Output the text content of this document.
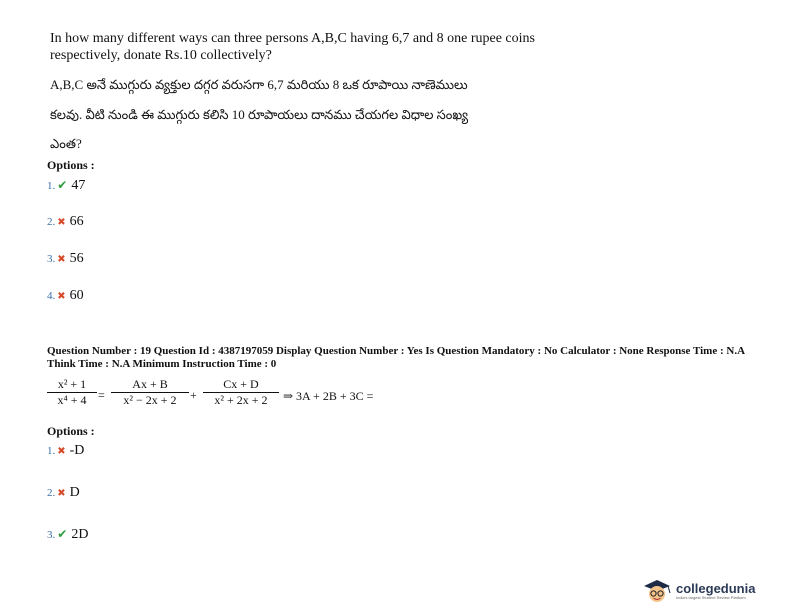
In how many different ways can three persons A,B,C having 6,7 and 8 one rupee coins respectively, donate Rs.10 collectively?
A,B,C అనే ముగ్గురు వ్యక్తుల దగ్గర వరుసగా 6,7 మరియు 8 ఒక రూపాయి నాణెములు
కలవు. వీటి నుండి ఈ ముగ్గురు కలిసి 10 రూపాయలు దానము చేయగల విధాల సంఖ్య
ఎంత?
Options :
1. ✔ 47
2. ✖ 66
3. ✖ 56
4. ✖ 60
Question Number : 19 Question Id : 4387197059 Display Question Number : Yes Is Question Mandatory : No Calculator : None Response Time : N.A Think Time : N.A Minimum Instruction Time : 0
x² + 1
x⁴ + 4 =
Ax + B
x² − 2x + 2	+
Cx + D
x² + 2x + 2	⇒ 3A + 2B + 3C =
Options :
1. ✖ -D
2. ✖ D
3. ✔ 2D
collegedunia
India's largest Student Review Platform
